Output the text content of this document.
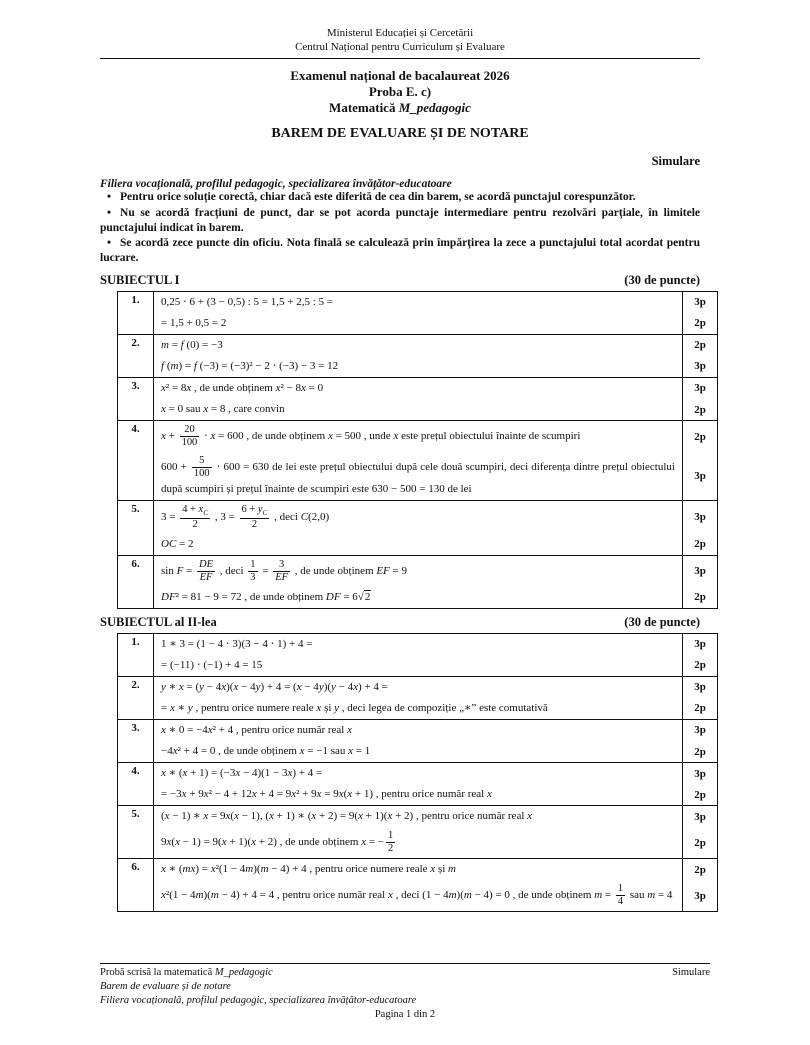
Ministerul Educației și Cercetării
Centrul Național pentru Curriculum și Evaluare
Examenul național de bacalaureat 2026
Proba E. c)
Matematică M_pedagogic
BAREM DE EVALUARE ȘI DE NOTARE
Simulare
Filiera vocațională, profilul pedagogic, specializarea învățător-educatoare
• Pentru orice soluție corectă, chiar dacă este diferită de cea din barem, se acordă punctajul corespunzător.
• Nu se acordă fracțiuni de punct, dar se pot acorda punctaje intermediare pentru rezolvări parțiale, în limitele punctajului indicat în barem.
• Se acordă zece puncte din oficiu. Nota finală se calculează prin împărțirea la zece a punctajului total acordat pentru lucrare.
SUBIECTUL I	(30 de puncte)
1.	0,25 ⋅ 6 + (3 − 0,5) : 5 = 1,5 + 2,5 : 5 =	3p
	= 1,5 + 0,5 = 2	2p
2.	m = f (0) = −3	2p
	f (m) = f (−3) = (−3)² − 2 ⋅ (−3) − 3 = 12	3p
3.	x² = 8x , de unde obținem x² − 8x = 0	3p
	x = 0 sau x = 8 , care convin	2p
4.	$x + \frac{20}{100} \cdot x = 600$ , de unde obținem x = 500 , unde x este prețul obiectului înainte de scumpiri	2p
	$600 + \frac{5}{100} \cdot 600 = 630$ de lei este prețul obiectului după cele două scumpiri, deci diferența dintre prețul obiectului după scumpiri și prețul înainte de scumpiri este 630 − 500 = 130 de lei	3p
5.	$3 = \frac{4 + x_C}{2}$ , $3 = \frac{6 + y_C}{2}$ , deci C(2,0)	3p
	OC = 2	2p
6.	$\sin F = \frac{DE}{EF}$ , deci $\frac{1}{3} = \frac{3}{EF}$ , de unde obținem EF = 9	3p
	DF² = 81 − 9 = 72 , de unde obținem DF = 6√2	2p
SUBIECTUL al II-lea	(30 de puncte)
1.	1 ∗ 3 = (1 − 4 ⋅ 3)(3 − 4 ⋅ 1) + 4 =	3p
	= (−11) ⋅ (−1) + 4 = 15	2p
2.	y ∗ x = (y − 4x)(x − 4y) + 4 = (x − 4y)(y − 4x) + 4 =	3p
	= x ∗ y , pentru orice numere reale x și y , deci legea de compoziție „∗” este comutativă	2p
3.	x ∗ 0 = −4x² + 4 , pentru orice număr real x	3p
	−4x² + 4 = 0 , de unde obținem x = −1 sau x = 1	2p
4.	x ∗ (x + 1) = (−3x − 4)(1 − 3x) + 4 =	3p
	= −3x + 9x² − 4 + 12x + 4 = 9x² + 9x = 9x(x + 1) , pentru orice număr real x	2p
5.	(x − 1) ∗ x = 9x(x − 1), (x + 1) ∗ (x + 2) = 9(x + 1)(x + 2) , pentru orice număr real x	3p
	9x(x − 1) = 9(x + 1)(x + 2) , de unde obținem x = − $\frac{1}{2}$	2p
6.	x ∗ (mx) = x²(1 − 4m)(m − 4) + 4 , pentru orice numere reale x și m	2p
	x²(1 − 4m)(m − 4) + 4 = 4 , pentru orice număr real x , deci (1 − 4m)(m − 4) = 0 , de unde obținem $m = \frac{1}{4}$ sau m = 4	3p
Probă scrisă la matematică M_pedagogic	Simulare
Barem de evaluare și de notare
Filiera vocațională, profilul pedagogic, specializarea învățător-educatoare
Pagina 1 din 2
